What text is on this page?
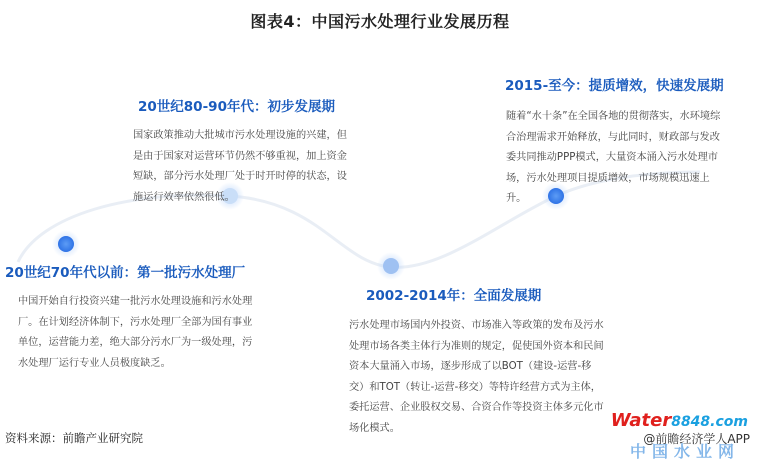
图表4：中国污水处理行业发展历程
20世纪70年代以前：第一批污水处理厂
中国开始自行投资兴建一批污水处理设施和污水处理厂。在计划经济体制下，污水处理厂全部为国有事业单位，运营能力差，绝大部分污水厂为一级处理，污水处理厂运行专业人员极度缺乏。
20世纪80-90年代：初步发展期
国家政策推动大批城市污水处理设施的兴建，但是由于国家对运营环节仍然不够重视，加上资金短缺，部分污水处理厂处于时开时停的状态，设施运行效率依然很低。
2002-2014年：全面发展期
污水处理市场国内外投资、市场准入等政策的发布及污水处理市场各类主体行为准则的规定，促使国外资本和民间资本大量涌入市场，逐步形成了以BOT（建设-运营-移交）和TOT（转让-运营-移交）等特许经营方式为主体，委托运营、企业股权交易、合资合作等投资主体多元化市场化模式。
2015-至今：提质增效，快速发展期
随着“水十条”在全国各地的贯彻落实，水环境综合治理需求开始释放，与此同时，财政部与发改委共同推动PPP模式，大量资本涌入污水处理市场，污水处理项目提质增效，市场规模迅速上升。
资料来源：前瞻产业研究院
Water8848.com
中国水业网
@前瞻经济学人APP
